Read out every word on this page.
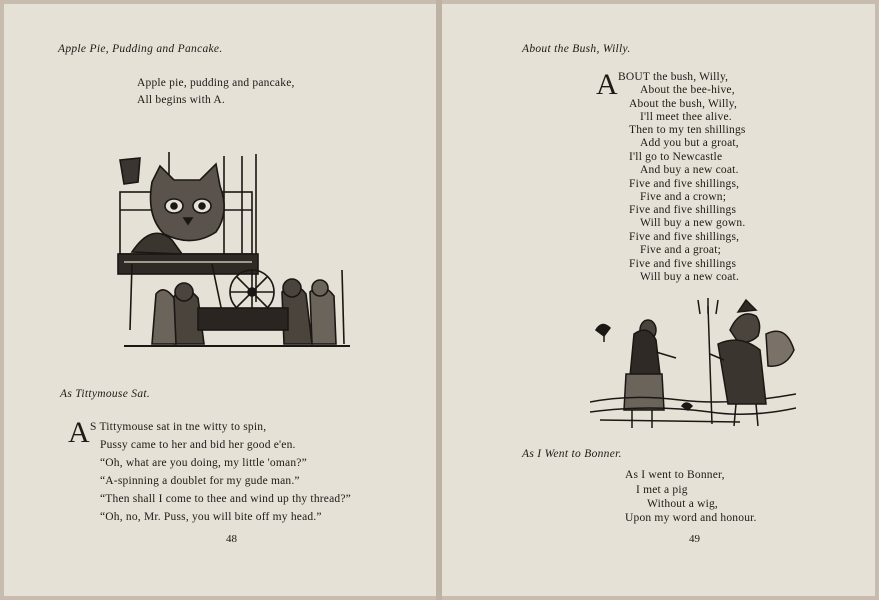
Apple Pie, Pudding and Pancake.
Apple pie, pudding and pancake,
All begins with A.
As Tittymouse Sat.
A S Tittymouse sat in tne witty to spin,
Pussy came to her and bid her good e'en.
“Oh, what are you doing, my little 'oman?”
“A-spinning a doublet for my gude man.”
“Then shall I come to thee and wind up thy thread?”
“Oh, no, Mr. Puss, you will bite off my head.”
48
About the Bush, Willy.
A BOUT the bush, Willy,
About the bee-hive,
About the bush, Willy,
I'll meet thee alive.
Then to my ten shillings
Add you but a groat,
I'll go to Newcastle
And buy a new coat.
Five and five shillings,
Five and a crown;
Five and five shillings
Will buy a new gown.
Five and five shillings,
Five and a groat;
Five and five shillings
Will buy a new coat.
As I Went to Bonner.
As I went to Bonner,
I met a pig
Without a wig,
Upon my word and honour.
49
